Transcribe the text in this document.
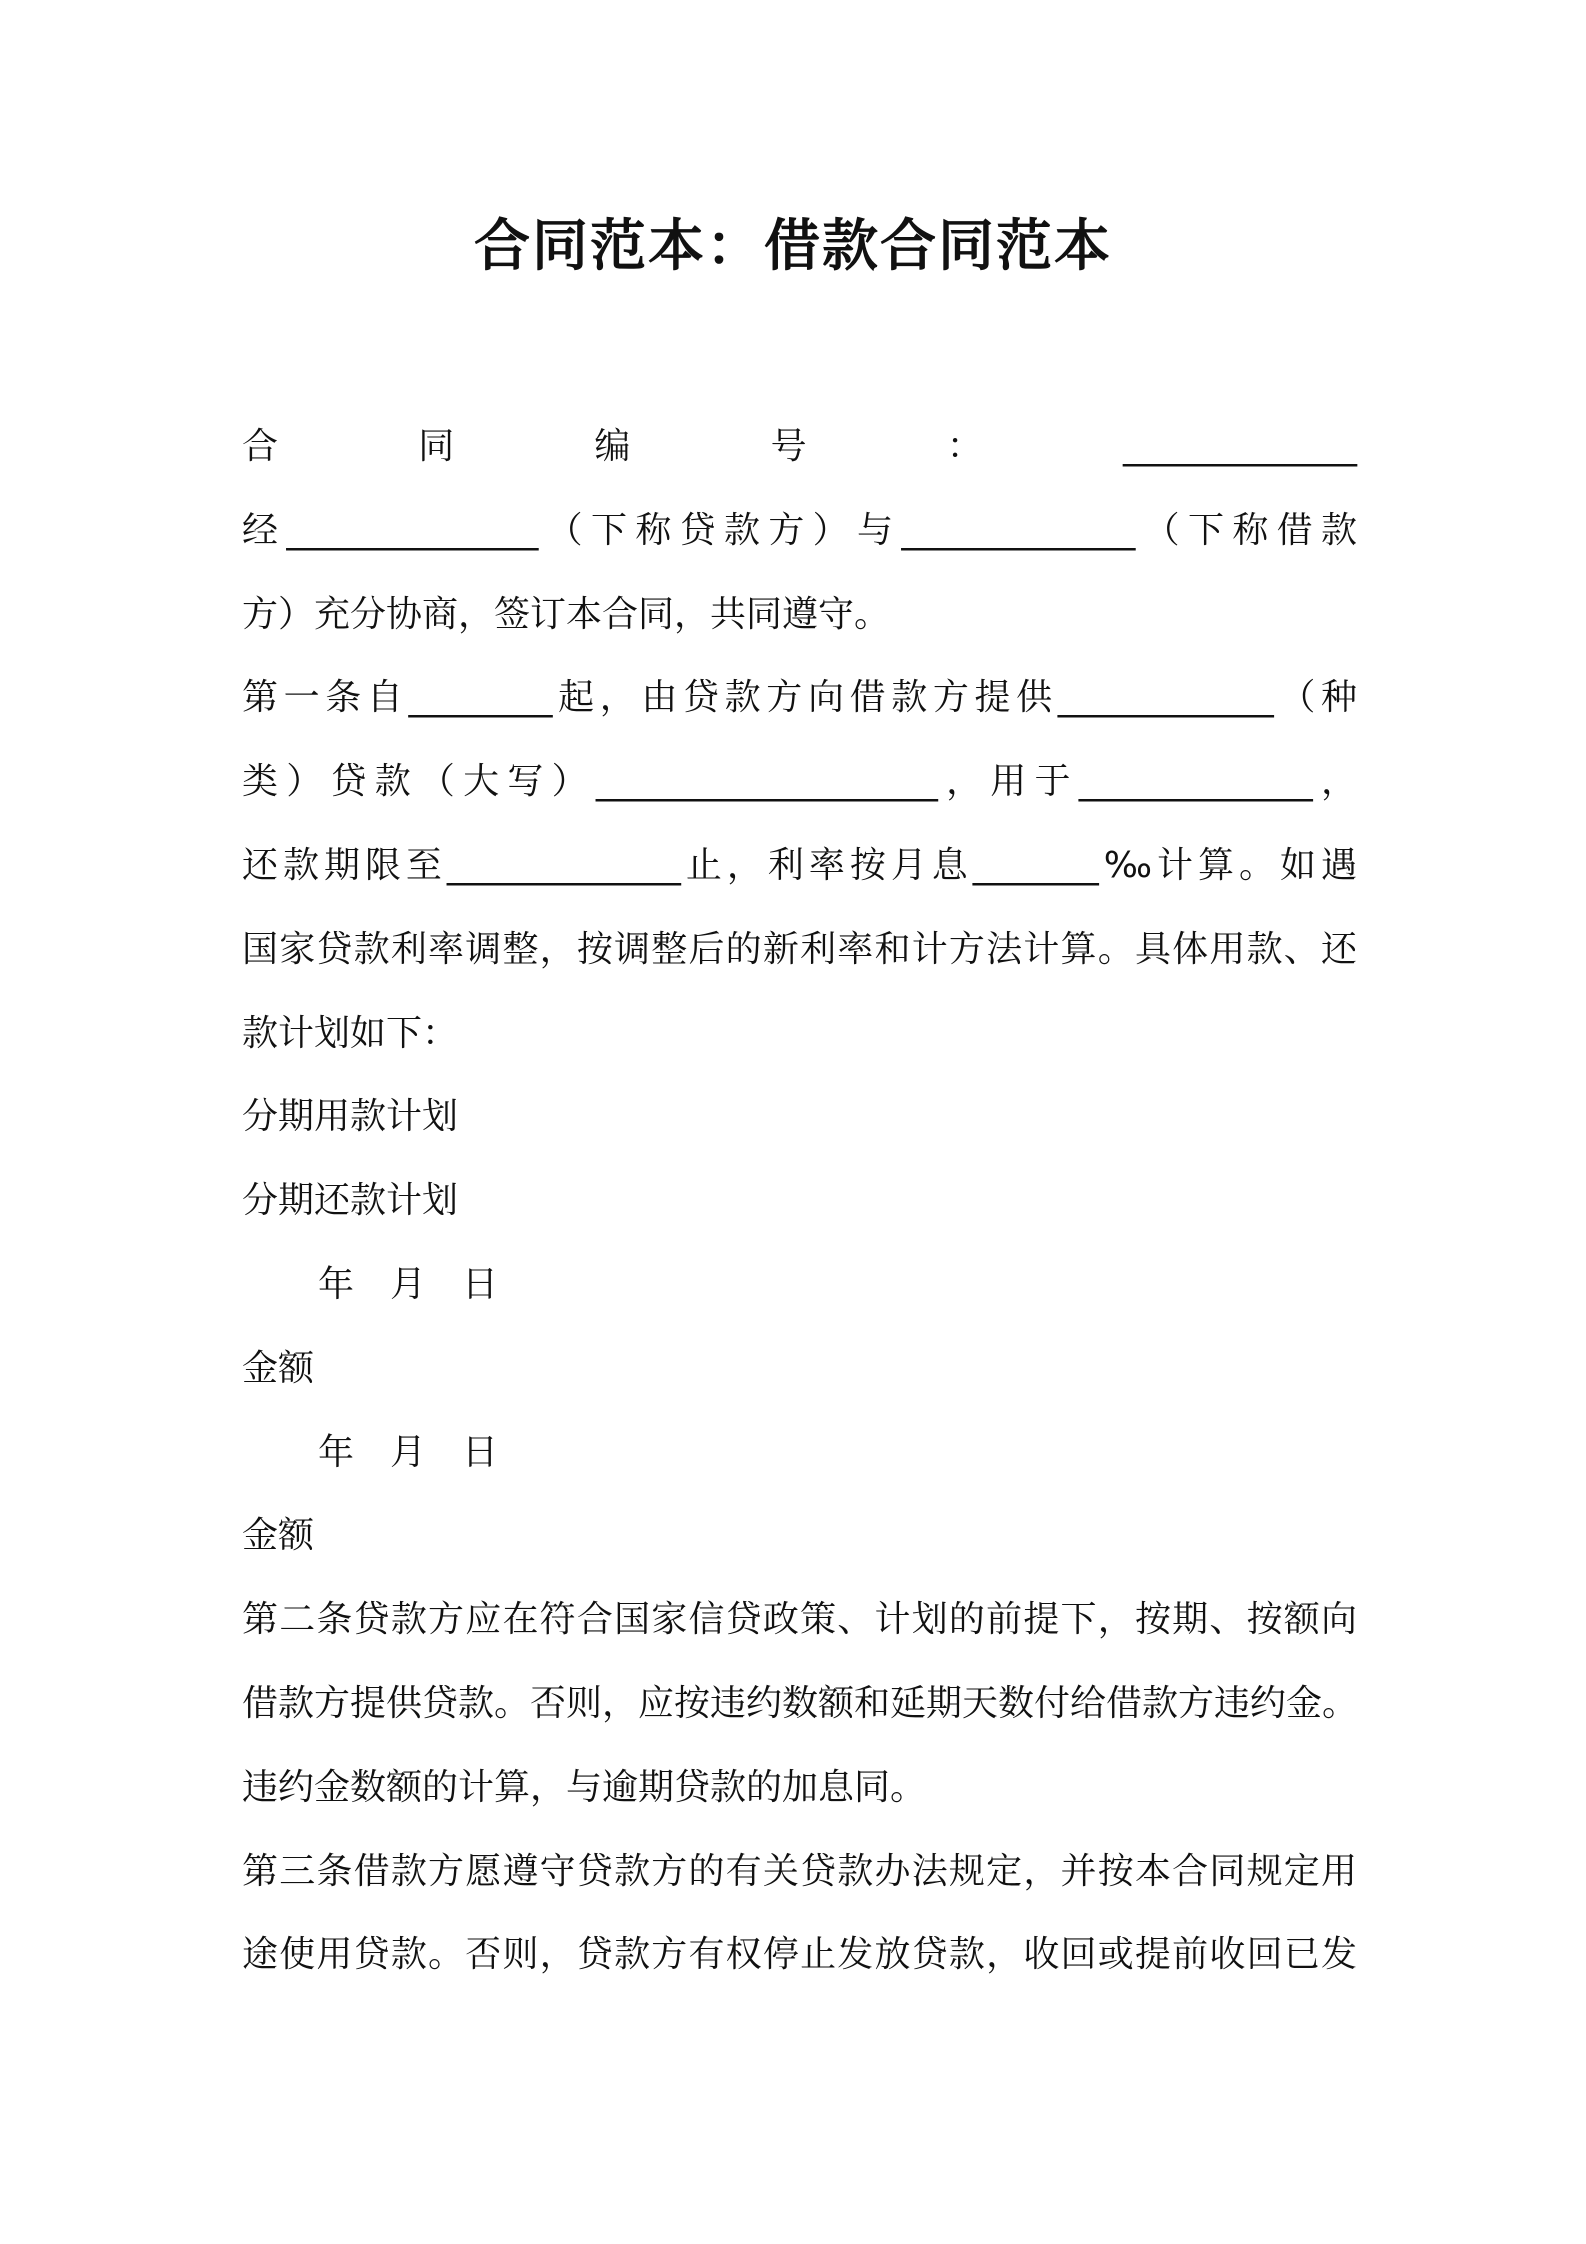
合同范本：借款合同范本
合同编号：_____________
经______________（下称贷款方）与_____________（下称借款
方）充分协商，签订本合同，共同遵守。
第一条自________起，由贷款方向借款方提供____________（种
类）贷款（大写）___________________，用于_____________，
还款期限至_____________止，利率按月息_______‰计算。如遇
国家贷款利率调整，按调整后的新利率和计方法计算。具体用款、还
款计划如下：
分期用款计划
分期还款计划
年　月　日
金额
年　月　日
金额
第二条贷款方应在符合国家信贷政策、计划的前提下，按期、按额向
借款方提供贷款。否则，应按违约数额和延期天数付给借款方违约金。
违约金数额的计算，与逾期贷款的加息同。
第三条借款方愿遵守贷款方的有关贷款办法规定，并按本合同规定用
途使用贷款。否则，贷款方有权停止发放贷款，收回或提前收回已发
